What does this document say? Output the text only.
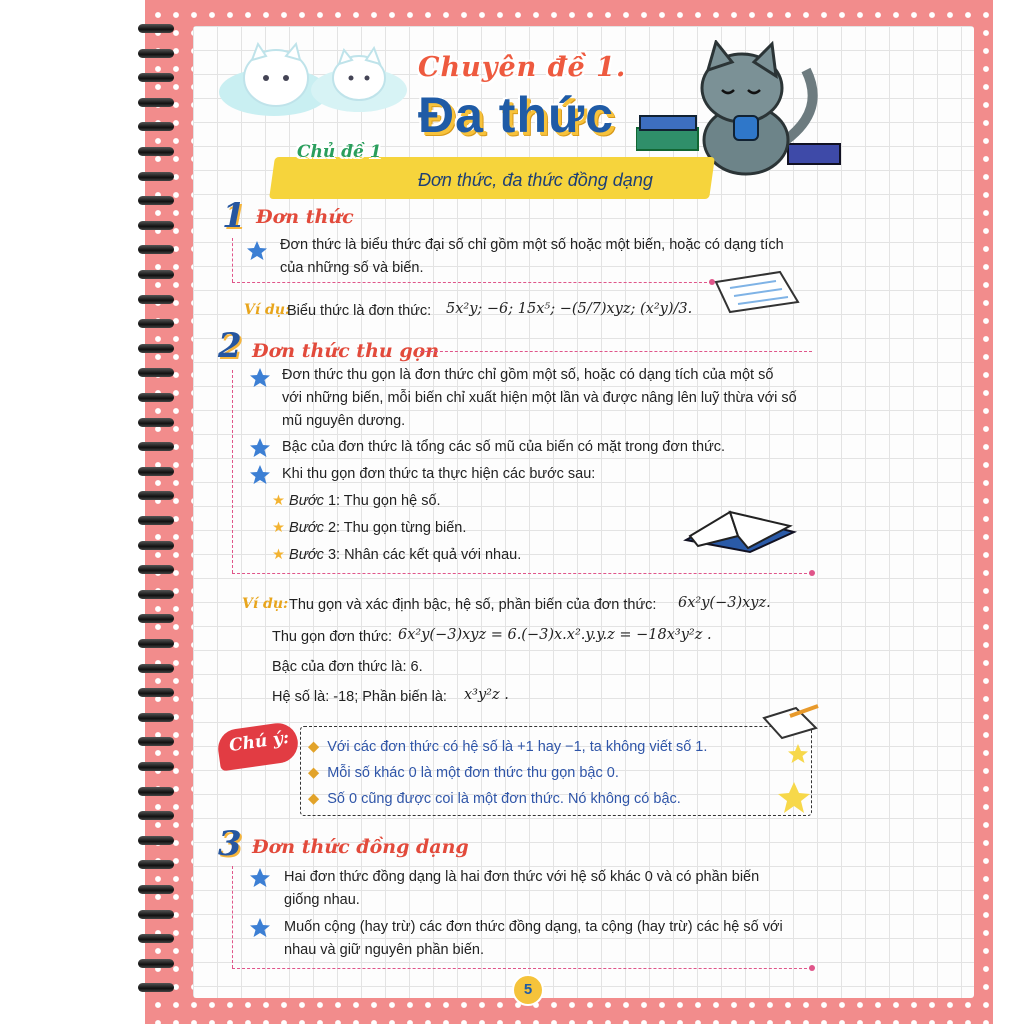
Chuyên đề 1.
Đa thức
Chủ đề 1
Đơn thức, đa thức đồng dạng
1 Đơn thức
Đơn thức là biểu thức đại số chỉ gồm một số hoặc một biến, hoặc có dạng tích
của những số và biến.
Ví dụ:
Biểu thức là đơn thức: 5x²y; −6; 15x⁵; −(5/7)xyz; (x²y)/3.
2 Đơn thức thu gọn
Đơn thức thu gọn là đơn thức chỉ gồm một số, hoặc có dạng tích của một số
với những biến, mỗi biến chỉ xuất hiện một lần và được nâng lên luỹ thừa với số
mũ nguyên dương.
Bậc của đơn thức là tổng các số mũ của biến có mặt trong đơn thức.
Khi thu gọn đơn thức ta thực hiện các bước sau:
★ Bước 1: Thu gọn hệ số.
★ Bước 2: Thu gọn từng biến.
★ Bước 3: Nhân các kết quả với nhau.
Ví dụ: Thu gọn và xác định bậc, hệ số, phần biến của đơn thức: 6x²y(−3)xyz.
Thu gọn đơn thức: 6x²y(−3)xyz = 6.(−3)x.x².y.y.z = −18x³y²z .
Bậc của đơn thức là: 6.
Hệ số là: -18; Phần biến là: x³y²z .
Chú ý: ◆ Với các đơn thức có hệ số là +1 hay −1, ta không viết số 1.
◆ Mỗi số khác 0 là một đơn thức thu gọn bậc 0.
◆ Số 0 cũng được coi là một đơn thức. Nó không có bậc.
3 Đơn thức đồng dạng
Hai đơn thức đồng dạng là hai đơn thức với hệ số khác 0 và có phần biến
giống nhau.
Muốn cộng (hay trừ) các đơn thức đồng dạng, ta cộng (hay trừ) các hệ số với
nhau và giữ nguyên phần biến.
5
